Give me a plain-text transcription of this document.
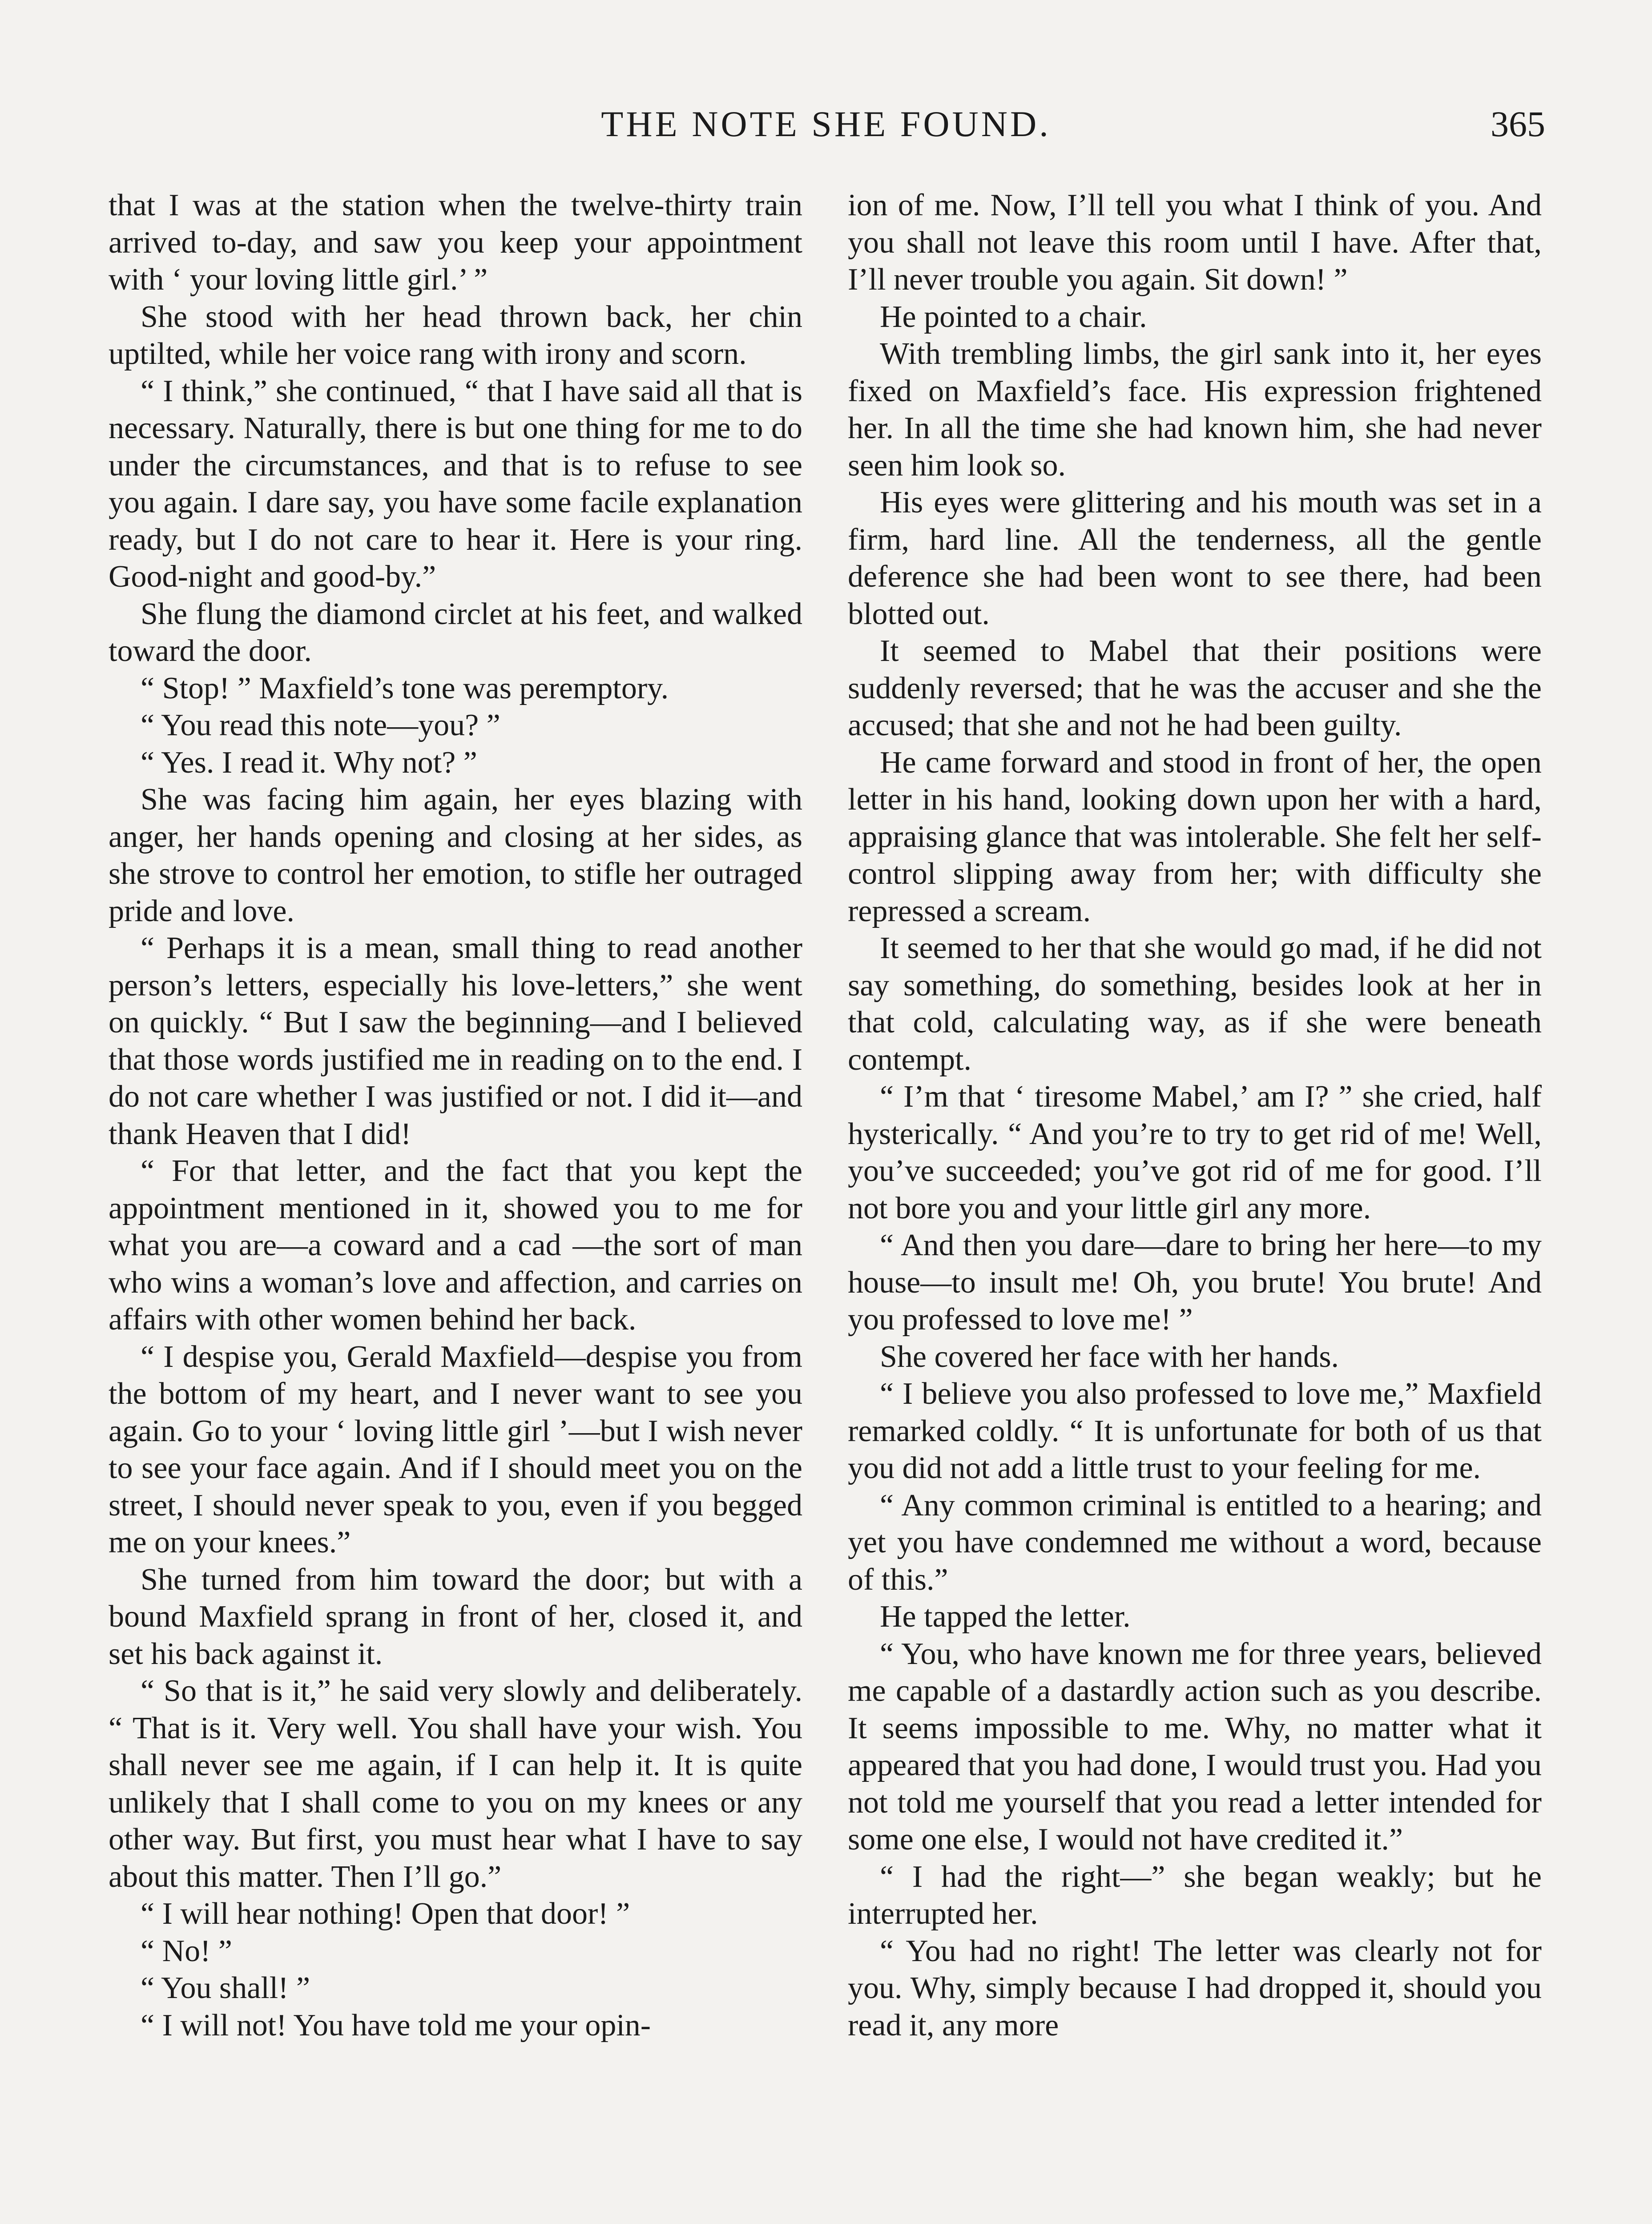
THE NOTE SHE FOUND.	365

that I was at the station when the twelve-thirty train arrived to-day, and saw you keep your appointment with ‘ your loving little girl.’ ”

She stood with her head thrown back, her chin uptilted, while her voice rang with irony and scorn.

“ I think,” she continued, “ that I have said all that is necessary. Naturally, there is but one thing for me to do under the circumstances, and that is to refuse to see you again. I dare say, you have some facile explanation ready, but I do not care to hear it. Here is your ring. Good-night and good-by.”

She flung the diamond circlet at his feet, and walked toward the door.

“ Stop! ” Maxfield’s tone was peremptory.

“ You read this note—you? ”

“ Yes. I read it. Why not? ”

She was facing him again, her eyes blazing with anger, her hands opening and closing at her sides, as she strove to control her emotion, to stifle her outraged pride and love.

“ Perhaps it is a mean, small thing to read another person’s letters, especially his love-letters,” she went on quickly. “ But I saw the beginning—and I believed that those words justified me in reading on to the end. I do not care whether I was justified or not. I did it—and thank Heaven that I did!

“ For that letter, and the fact that you kept the appointment mentioned in it, showed you to me for what you are—a coward and a cad —the sort of man who wins a woman’s love and affection, and carries on affairs with other women behind her back.

“ I despise you, Gerald Maxfield—despise you from the bottom of my heart, and I never want to see you again. Go to your ‘ loving little girl ’—but I wish never to see your face again. And if I should meet you on the street, I should never speak to you, even if you begged me on your knees.”

She turned from him toward the door; but with a bound Maxfield sprang in front of her, closed it, and set his back against it.

“ So that is it,” he said very slowly and deliberately. “ That is it. Very well. You shall have your wish. You shall never see me again, if I can help it. It is quite unlikely that I shall come to you on my knees or any other way. But first, you must hear what I have to say about this matter. Then I’ll go.”

“ I will hear nothing! Open that door! ”

“ No! ”

“ You shall! ”

“ I will not! You have told me your opin-

ion of me. Now, I’ll tell you what I think of you. And you shall not leave this room until I have. After that, I’ll never trouble you again. Sit down! ”

He pointed to a chair.

With trembling limbs, the girl sank into it, her eyes fixed on Maxfield’s face. His expression frightened her. In all the time she had known him, she had never seen him look so.

His eyes were glittering and his mouth was set in a firm, hard line. All the tenderness, all the gentle deference she had been wont to see there, had been blotted out.

It seemed to Mabel that their positions were suddenly reversed; that he was the accuser and she the accused; that she and not he had been guilty.

He came forward and stood in front of her, the open letter in his hand, looking down upon her with a hard, appraising glance that was intolerable. She felt her self-control slipping away from her; with difficulty she repressed a scream.

It seemed to her that she would go mad, if he did not say something, do something, besides look at her in that cold, calculating way, as if she were beneath contempt.

“ I’m that ‘ tiresome Mabel,’ am I? ” she cried, half hysterically. “ And you’re to try to get rid of me! Well, you’ve succeeded; you’ve got rid of me for good. I’ll not bore you and your little girl any more.

“ And then you dare—dare to bring her here—to my house—to insult me! Oh, you brute! You brute! And you professed to love me! ”

She covered her face with her hands.

“ I believe you also professed to love me,” Maxfield remarked coldly. “ It is unfortunate for both of us that you did not add a little trust to your feeling for me.

“ Any common criminal is entitled to a hearing; and yet you have condemned me without a word, because of this.”

He tapped the letter.

“ You, who have known me for three years, believed me capable of a dastardly action such as you describe. It seems impossible to me. Why, no matter what it appeared that you had done, I would trust you. Had you not told me yourself that you read a letter intended for some one else, I would not have credited it.”

“ I had the right—” she began weakly; but he interrupted her.

“ You had no right! The letter was clearly not for you. Why, simply because I had dropped it, should you read it, any more
